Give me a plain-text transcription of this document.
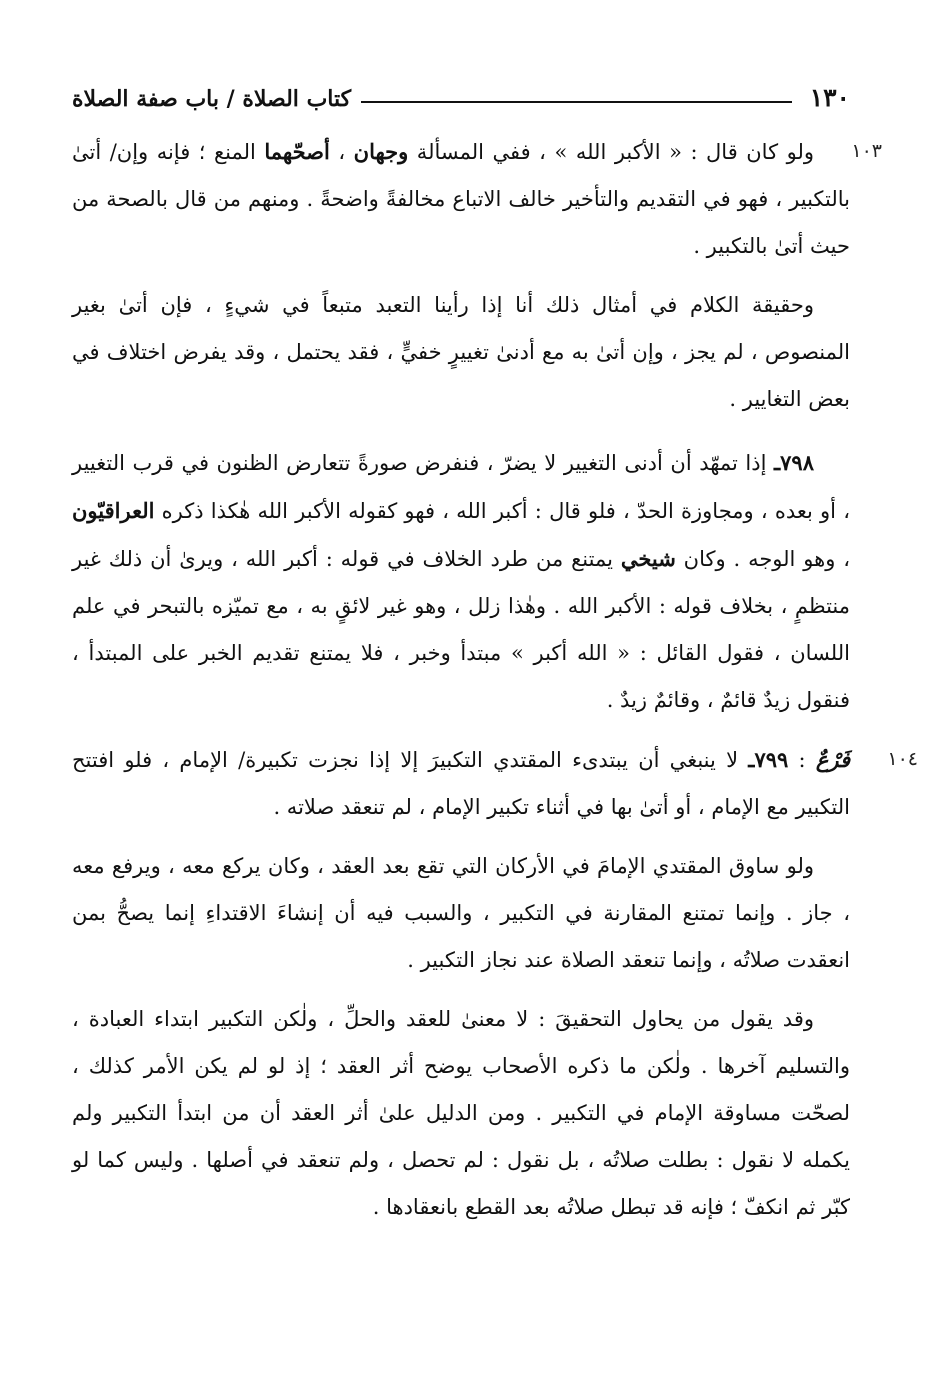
١٣٠
كتاب الصلاة / باب صفة الصلاة

١٠٣
ولو كان قال : « الأكبر الله » ، ففي المسألة وجهان ، أصحّهما المنع ؛ فإنه وإن/ أتىٰ بالتكبير ، فهو في التقديم والتأخير خالف الاتباع مخالفةً واضحةً . ومنهم من قال بالصحة من حيث أتىٰ بالتكبير .

وحقيقة الكلام في أمثال ذلك أنا إذا رأينا التعبد متبعاً في شيءٍ ، فإن أتىٰ بغير المنصوص ، لم يجز ، وإن أتىٰ به مع أدنىٰ تغييرٍ خفيٍّ ، فقد يحتمل ، وقد يفرض اختلاف في بعض التغايير .

٧٩٨ـ إذا تمهّد أن أدنى التغيير لا يضرّ ، فنفرض صورةً تتعارض الظنون في قرب التغيير ، أو بعده ، ومجاوزة الحدّ ، فلو قال : أكبر الله ، فهو كقوله الأكبر الله هٰكذا ذكره العراقيّون ، وهو الوجه . وكان شيخي يمتنع من طرد الخلاف في قوله : أكبر الله ، ويرىٰ أن ذلك غير منتظمٍ ، بخلاف قوله : الأكبر الله . وهٰذا زلل ، وهو غير لائقٍ به ، مع تميّزه بالتبحر في علم اللسان ، فقول القائل : « الله أكبر » مبتدأ وخبر ، فلا يمتنع تقديم الخبر على المبتدأ ، فنقول زيدٌ قائمٌ ، وقائمٌ زيدٌ .

١٠٤
فَرْعٌ : ٧٩٩ـ لا ينبغي أن يبتدىء المقتدي التكبيرَ إلا إذا نجزت تكبيرة/ الإمام ، فلو افتتح التكبير مع الإمام ، أو أتىٰ بها في أثناء تكبير الإمام ، لم تنعقد صلاته .

ولو ساوق المقتدي الإمامَ في الأركان التي تقع بعد العقد ، وكان يركع معه ، ويرفع معه ، جاز . وإنما تمتنع المقارنة في التكبير ، والسبب فيه أن إنشاءَ الاقتداءِ إنما يصحُّ بمن انعقدت صلاتُه ، وإنما تنعقد الصلاة عند نجاز التكبير .

وقد يقول من يحاول التحقيقَ : لا معنىٰ للعقد والحلِّ ، ولٰكن التكبير ابتداء العبادة ، والتسليم آخرها . ولٰكن ما ذكره الأصحاب يوضح أثر العقد ؛ إذ لو لم يكن الأمر كذلك ، لصحّت مساوقة الإمام في التكبير . ومن الدليل علىٰ أثر العقد أن من ابتدأ التكبير ولم يكمله لا نقول : بطلت صلاتُه ، بل نقول : لم تحصل ، ولم تنعقد في أصلها . وليس كما لو كبّر ثم انكفّ ؛ فإنه قد تبطل صلاتُه بعد القطع بانعقادها .
